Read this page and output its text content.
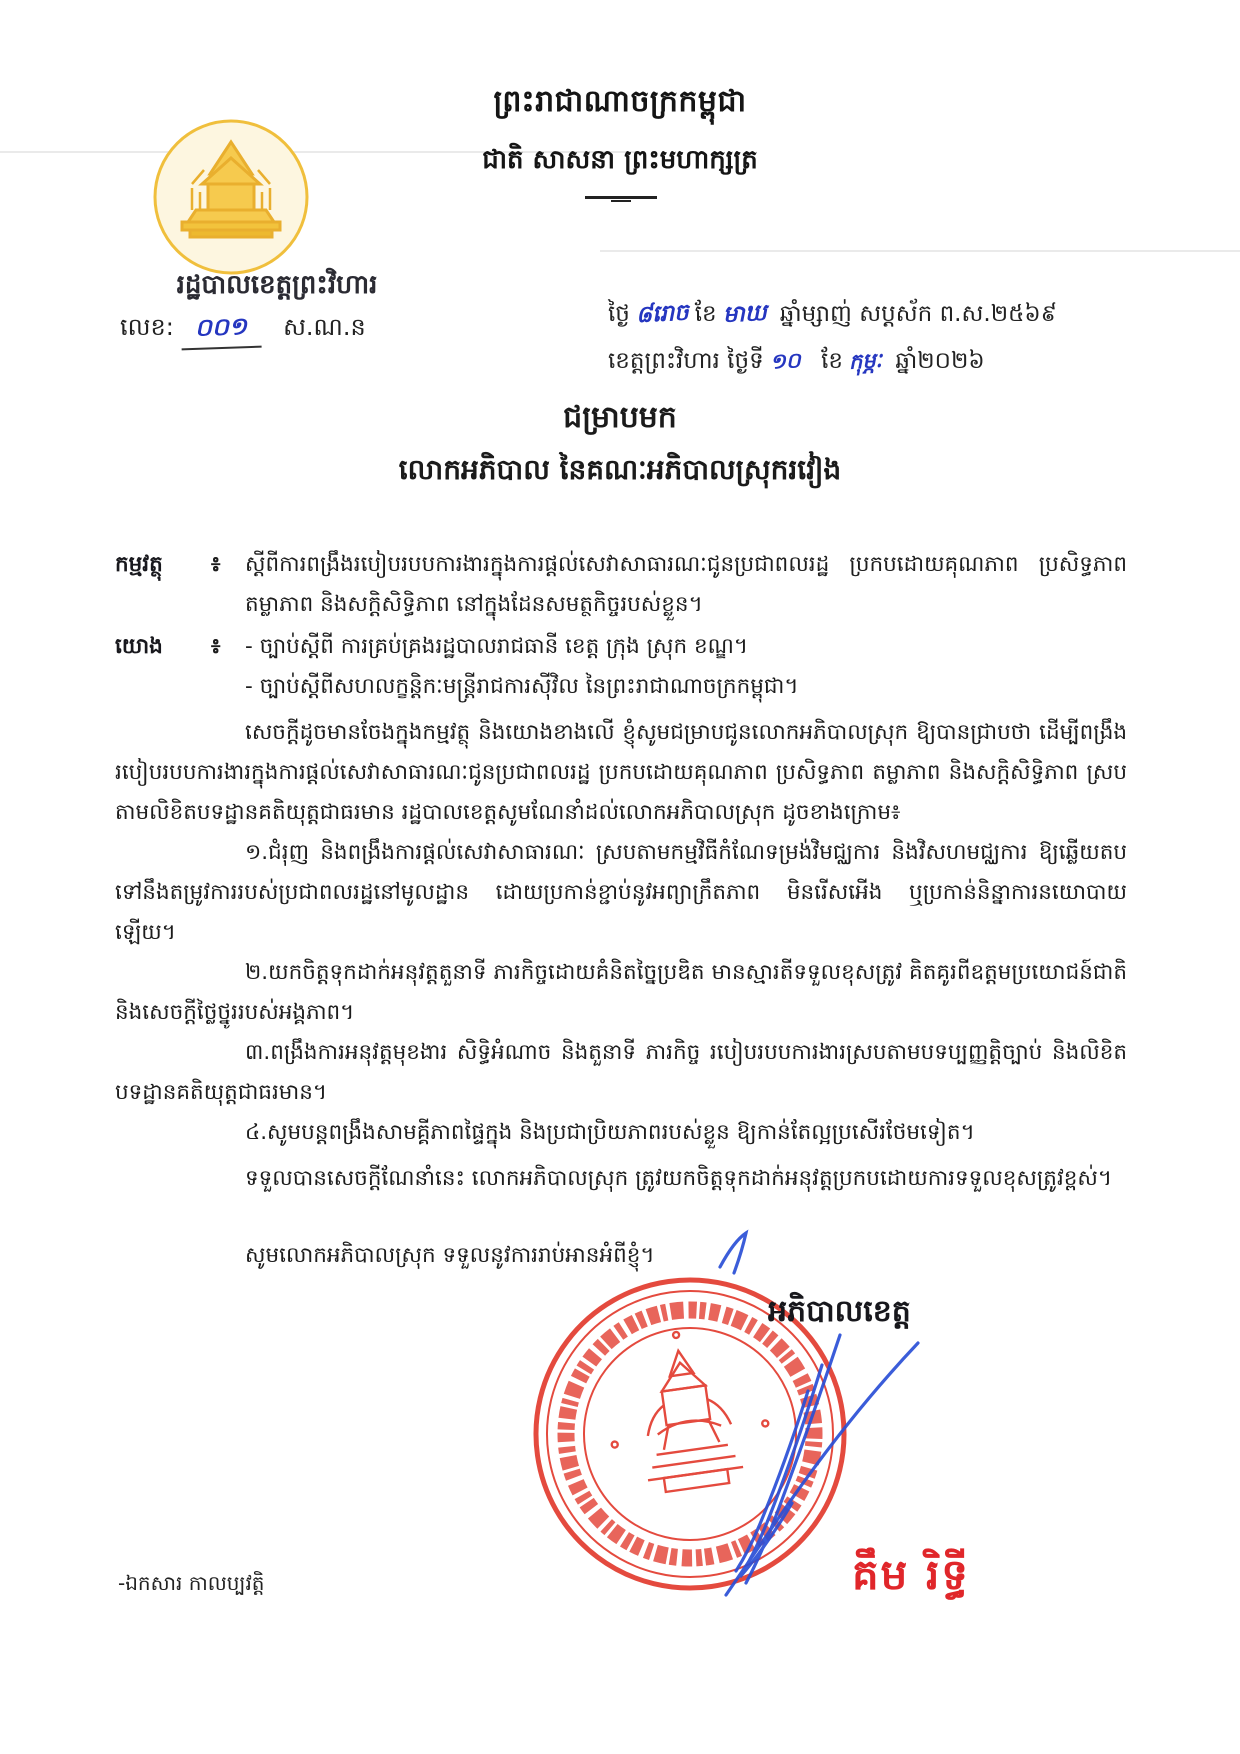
ព្រះរាជាណាចក្រកម្ពុជា
ជាតិ សាសនា ព្រះមហាក្សត្រ
រដ្ឋបាលខេត្តព្រះវិហារ
លេខ: ០០១ ស.ណ.ន	ថ្ងៃ ៨រោច ខែ មាឃ ឆ្នាំម្សាញ់ សប្តស័ក ព.ស.២៥៦៩
ខេត្តព្រះវិហារ ថ្ងៃទី ១០ ខែ កុម្ភៈ ឆ្នាំ២០២៦
ជម្រាបមក
លោកអភិបាល នៃគណៈអភិបាលស្រុករវៀង
កម្មវត្ថុ	៖	ស្ដីពីការពង្រឹងរបៀបរបបការងារក្នុងការផ្ដល់សេវាសាធារណៈជូនប្រជាពលរដ្ឋ ប្រកបដោយគុណភាព ប្រសិទ្ធភាព តម្លាភាព និងសក្ដិសិទ្ធិភាព នៅក្នុងដែនសមត្ថកិច្ចរបស់ខ្លួន។
យោង	៖	- ច្បាប់ស្ដីពី ការគ្រប់គ្រងរដ្ឋបាលរាជធានី ខេត្ត ក្រុង ស្រុក ខណ្ឌ។
- ច្បាប់ស្ដីពីសហលក្ខន្តិកៈមន្ត្រីរាជការស៊ីវិល នៃព្រះរាជាណាចក្រកម្ពុជា។

សេចក្ដីដូចមានចែងក្នុងកម្មវត្ថុ និងយោងខាងលើ ខ្ញុំសូមជម្រាបជូនលោកអភិបាលស្រុក ឱ្យបានជ្រាបថា ដើម្បីពង្រឹងរបៀបរបបការងារក្នុងការផ្ដល់សេវាសាធារណៈជូនប្រជាពលរដ្ឋ ប្រកបដោយគុណភាព ប្រសិទ្ធភាព តម្លាភាព និងសក្ដិសិទ្ធិភាព ស្របតាមលិខិតបទដ្ឋានគតិយុត្តជាធរមាន រដ្ឋបាលខេត្តសូមណែនាំដល់លោកអភិបាលស្រុក ដូចខាងក្រោម៖

១.ជំរុញ និងពង្រឹងការផ្ដល់សេវាសាធារណៈ ស្របតាមកម្មវិធីកំណែទម្រង់វិមជ្ឈការ និងវិសហមជ្ឈការ ឱ្យឆ្លើយតបទៅនឹងតម្រូវការរបស់ប្រជាពលរដ្ឋនៅមូលដ្ឋាន ដោយប្រកាន់ខ្ជាប់នូវអព្យាក្រឹតភាព មិនរើសអើង ឬប្រកាន់និន្នាការនយោបាយឡើយ។

២.យកចិត្តទុកដាក់អនុវត្តតួនាទី ភារកិច្ចដោយគំនិតច្នៃប្រឌិត មានស្មារតីទទួលខុសត្រូវ គិតគូរពីឧត្តមប្រយោជន៍ជាតិ និងសេចក្ដីថ្លៃថ្នូររបស់អង្គភាព។

៣.ពង្រឹងការអនុវត្តមុខងារ សិទ្ធិអំណាច និងតួនាទី ភារកិច្ច របៀបរបបការងារស្របតាមបទប្បញ្ញត្តិច្បាប់ និងលិខិតបទដ្ឋានគតិយុត្តជាធរមាន។

៤.សូមបន្តពង្រឹងសាមគ្គីភាពផ្ទៃក្នុង និងប្រជាប្រិយភាពរបស់ខ្លួន ឱ្យកាន់តែល្អប្រសើរថែមទៀត។

ទទួលបានសេចក្ដីណែនាំនេះ លោកអភិបាលស្រុក ត្រូវយកចិត្តទុកដាក់អនុវត្តប្រកបដោយការទទួលខុសត្រូវខ្ពស់។

សូមលោកអភិបាលស្រុក ទទួលនូវការរាប់អានអំពីខ្ញុំ។
អភិបាលខេត្ត
គឹម រិទ្ធី
-ឯកសារ កាលប្បវត្តិ
